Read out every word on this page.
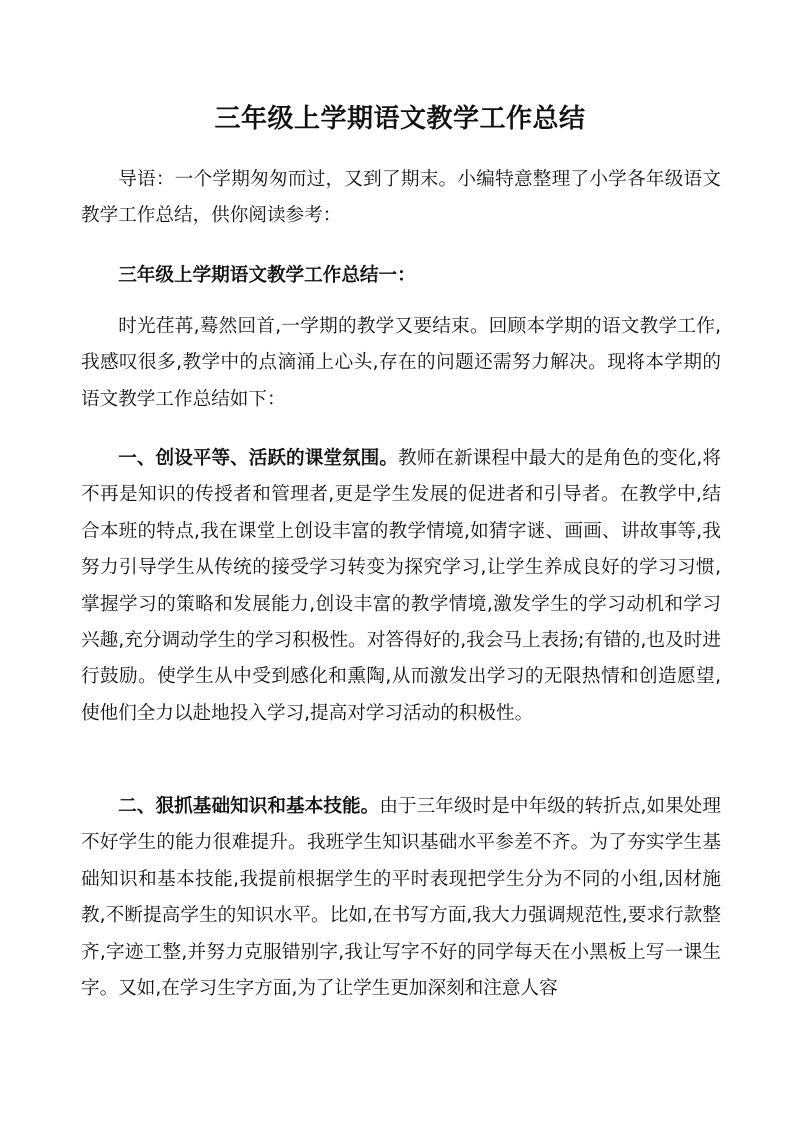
三年级上学期语文教学工作总结

导语：一个学期匆匆而过，又到了期末。小编特意整理了小学各年级语文教学工作总结，供你阅读参考：

三年级上学期语文教学工作总结一：

时光荏苒,蓦然回首,一学期的教学又要结束。回顾本学期的语文教学工作,我感叹很多,教学中的点滴涌上心头,存在的问题还需努力解决。现将本学期的语文教学工作总结如下：

一、创设平等、活跃的课堂氛围。教师在新课程中最大的是角色的变化,将不再是知识的传授者和管理者,更是学生发展的促进者和引导者。在教学中,结合本班的特点,我在课堂上创设丰富的教学情境,如猜字谜、画画、讲故事等,我努力引导学生从传统的接受学习转变为探究学习,让学生养成良好的学习习惯,掌握学习的策略和发展能力,创设丰富的教学情境,激发学生的学习动机和学习兴趣,充分调动学生的学习积极性。对答得好的,我会马上表扬;有错的,也及时进行鼓励。使学生从中受到感化和熏陶,从而激发出学习的无限热情和创造愿望,使他们全力以赴地投入学习,提高对学习活动的积极性。

二、狠抓基础知识和基本技能。由于三年级时是中年级的转折点,如果处理不好学生的能力很难提升。我班学生知识基础水平参差不齐。为了夯实学生基础知识和基本技能,我提前根据学生的平时表现把学生分为不同的小组,因材施教,不断提高学生的知识水平。比如,在书写方面,我大力强调规范性,要求行款整齐,字迹工整,并努力克服错别字,我让写字不好的同学每天在小黑板上写一课生字。又如,在学习生字方面,为了让学生更加深刻和注意人容
